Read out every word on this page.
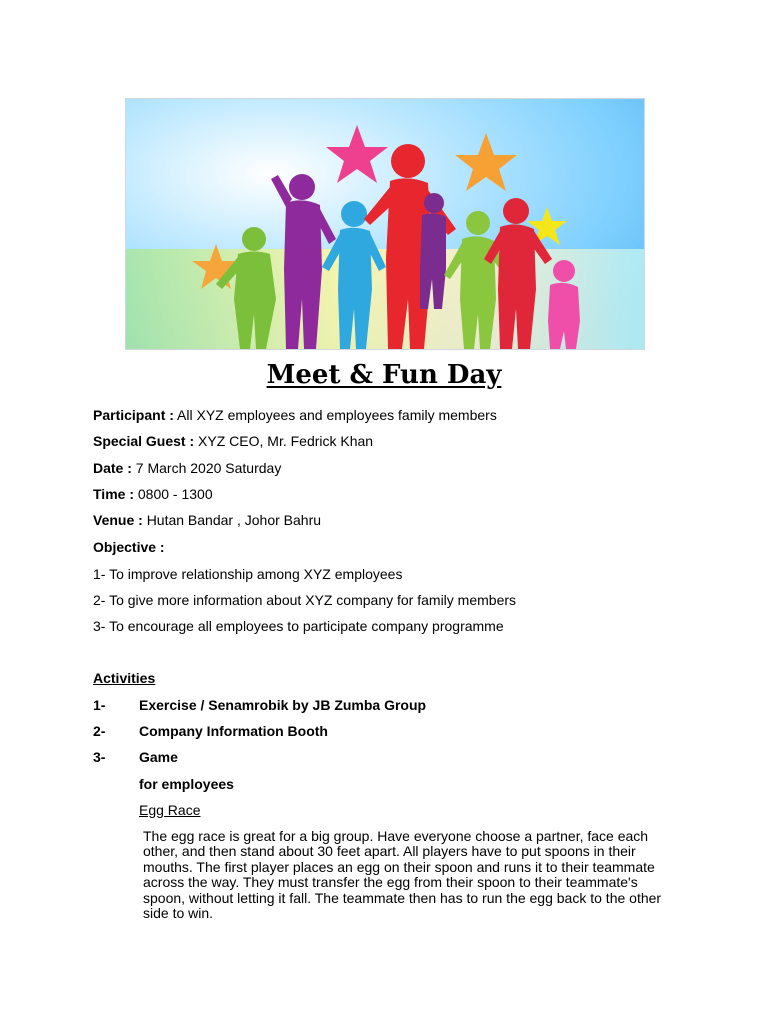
Meet & Fun Day
Participant : All XYZ employees and employees family members
Special Guest : XYZ CEO, Mr. Fedrick Khan
Date : 7 March 2020 Saturday
Time : 0800 - 1300
Venue : Hutan Bandar , Johor Bahru
Objective :
1- To improve relationship among XYZ employees
2- To give more information about XYZ company for family members
3- To encourage all employees to participate company programme
Activities
1- Exercise / Senamrobik by JB Zumba Group
2- Company Information Booth
3- Game
for employees
Egg Race
The egg race is great for a big group. Have everyone choose a partner, face each other, and then stand about 30 feet apart. All players have to put spoons in their mouths. The first player places an egg on their spoon and runs it to their teammate across the way. They must transfer the egg from their spoon to their teammate's spoon, without letting it fall. The teammate then has to run the egg back to the other side to win.
